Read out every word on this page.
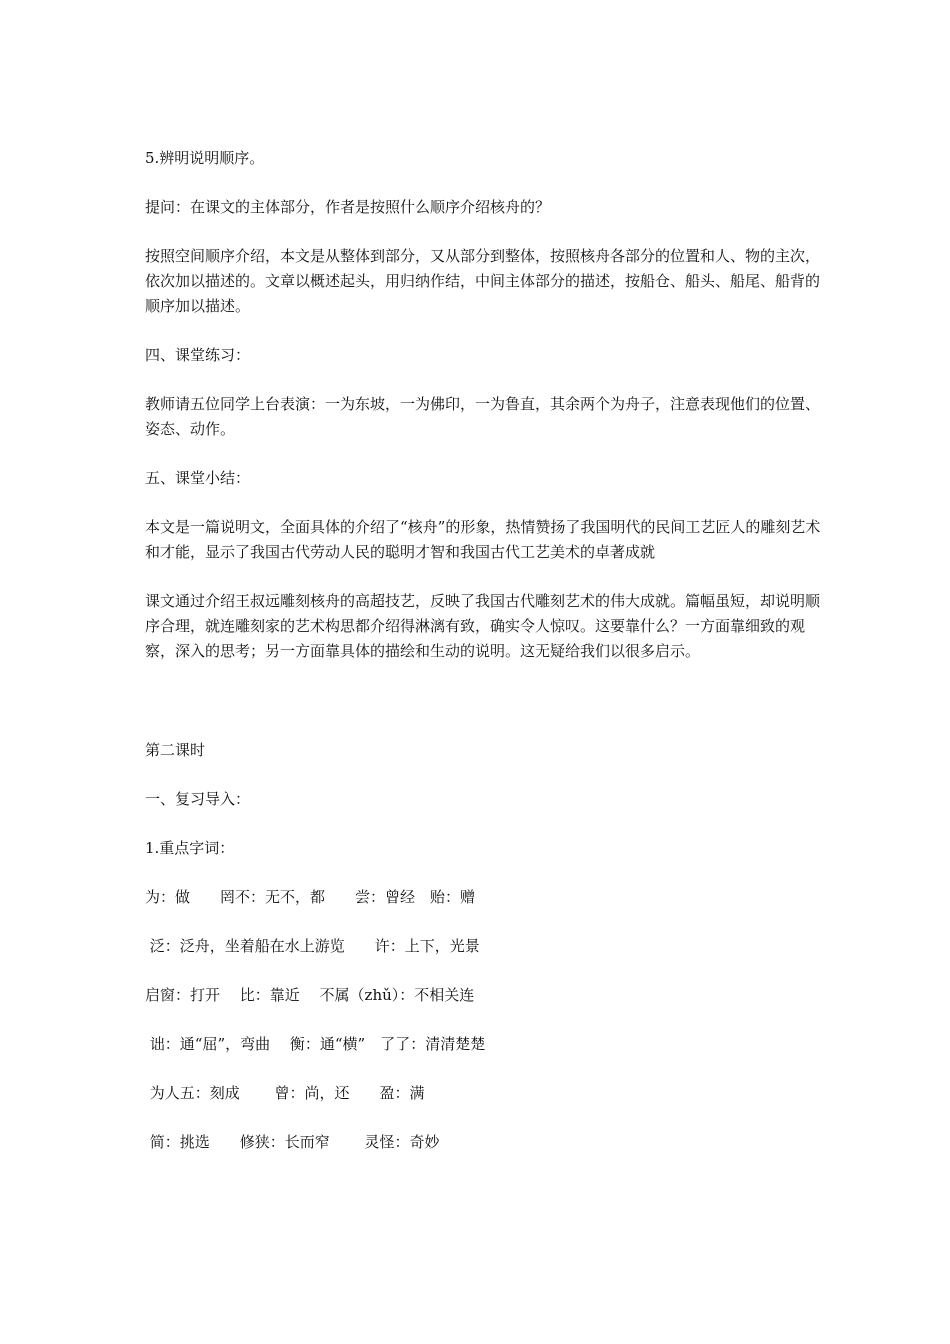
5.辨明说明顺序。

提问：在课文的主体部分，作者是按照什么顺序介绍核舟的？

按照空间顺序介绍，本文是从整体到部分，又从部分到整体，按照核舟各部分的位置和人、物的主次，依次加以描述的。文章以概述起头，用归纳作结，中间主体部分的描述，按船仓、船头、船尾、船背的顺序加以描述。

四、课堂练习：

教师请五位同学上台表演：一为东坡，一为佛印，一为鲁直，其余两个为舟子，注意表现他们的位置、姿态、动作。

五、课堂小结：

本文是一篇说明文，全面具体的介绍了“核舟”的形象，热情赞扬了我国明代的民间工艺匠人的雕刻艺术和才能，显示了我国古代劳动人民的聪明才智和我国古代工艺美术的卓著成就

课文通过介绍王叔远雕刻核舟的高超技艺，反映了我国古代雕刻艺术的伟大成就。篇幅虽短，却说明顺序合理，就连雕刻家的艺术构思都介绍得淋漓有致，确实令人惊叹。这要靠什么？一方面靠细致的观察，深入的思考；另一方面靠具体的描绘和生动的说明。这无疑给我们以很多启示。

第二课时

一、复习导入：

1.重点字词：

为：做　　罔不：无不，都　　尝：曾经　贻：赠

泛：泛舟，坐着船在水上游览　　许：上下，光景

启窗：打开　 比：靠近　 不属（zhǔ）：不相关连

诎：通“屈”，弯曲　 衡：通“横”　了了：清清楚楚

为人五：刻成　　 曾：尚，还　　盈：满

简：挑选　　修狭：长而窄　　 灵怪：奇妙
